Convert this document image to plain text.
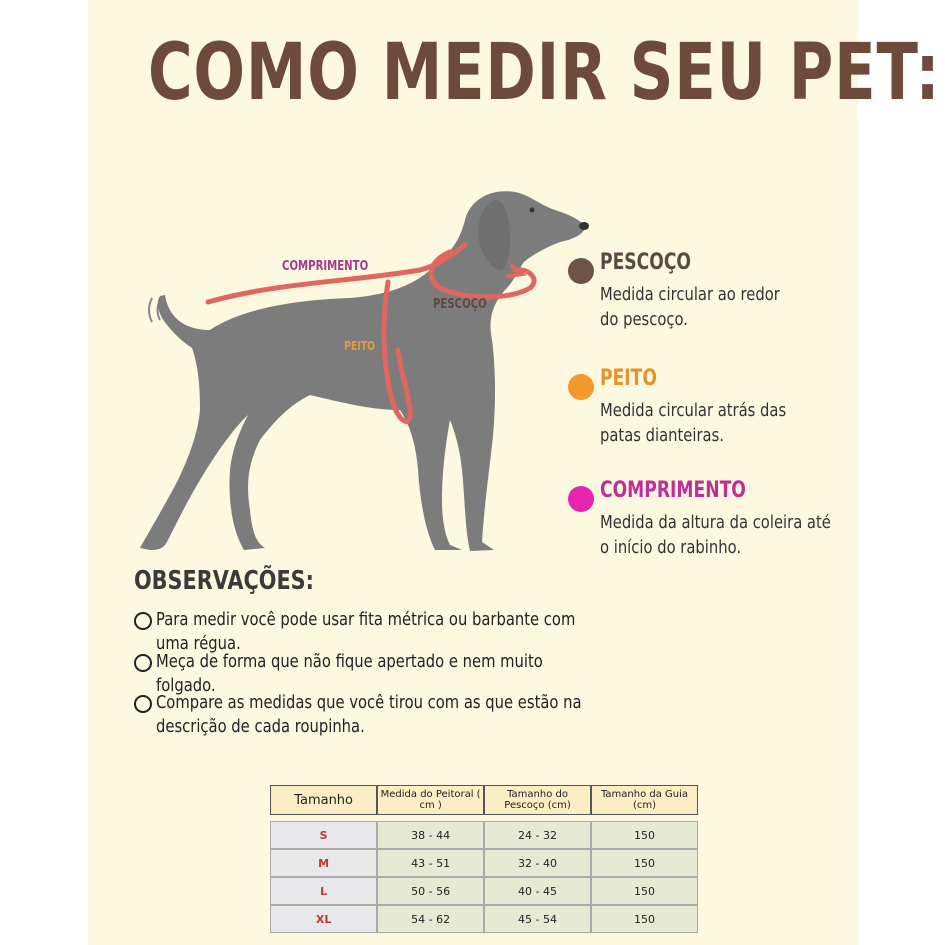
COMO MEDIR SEU PET:
COMPRIMENTO
PESCOÇO
PEITO
PESCOÇO
Medida circular ao redor
do pescoço.
PEITO
Medida circular atrás das
patas dianteiras.
COMPRIMENTO
Medida da altura da coleira até
o início do rabinho.
OBSERVAÇÕES:
Para medir você pode usar fita métrica ou barbante com uma régua.
Meça de forma que não fique apertado e nem muito folgado.
Compare as medidas que você tirou com as que estão na
descrição de cada roupinha.
Tamanho	Medida do Peitoral ( cm )	Tamanho do Pescoço (cm)	Tamanho da Guia (cm)

S	38 - 44	24 - 32	150
M	43 - 51	32 - 40	150
L	50 - 56	40 - 45	150
XL	54 - 62	45 - 54	150
